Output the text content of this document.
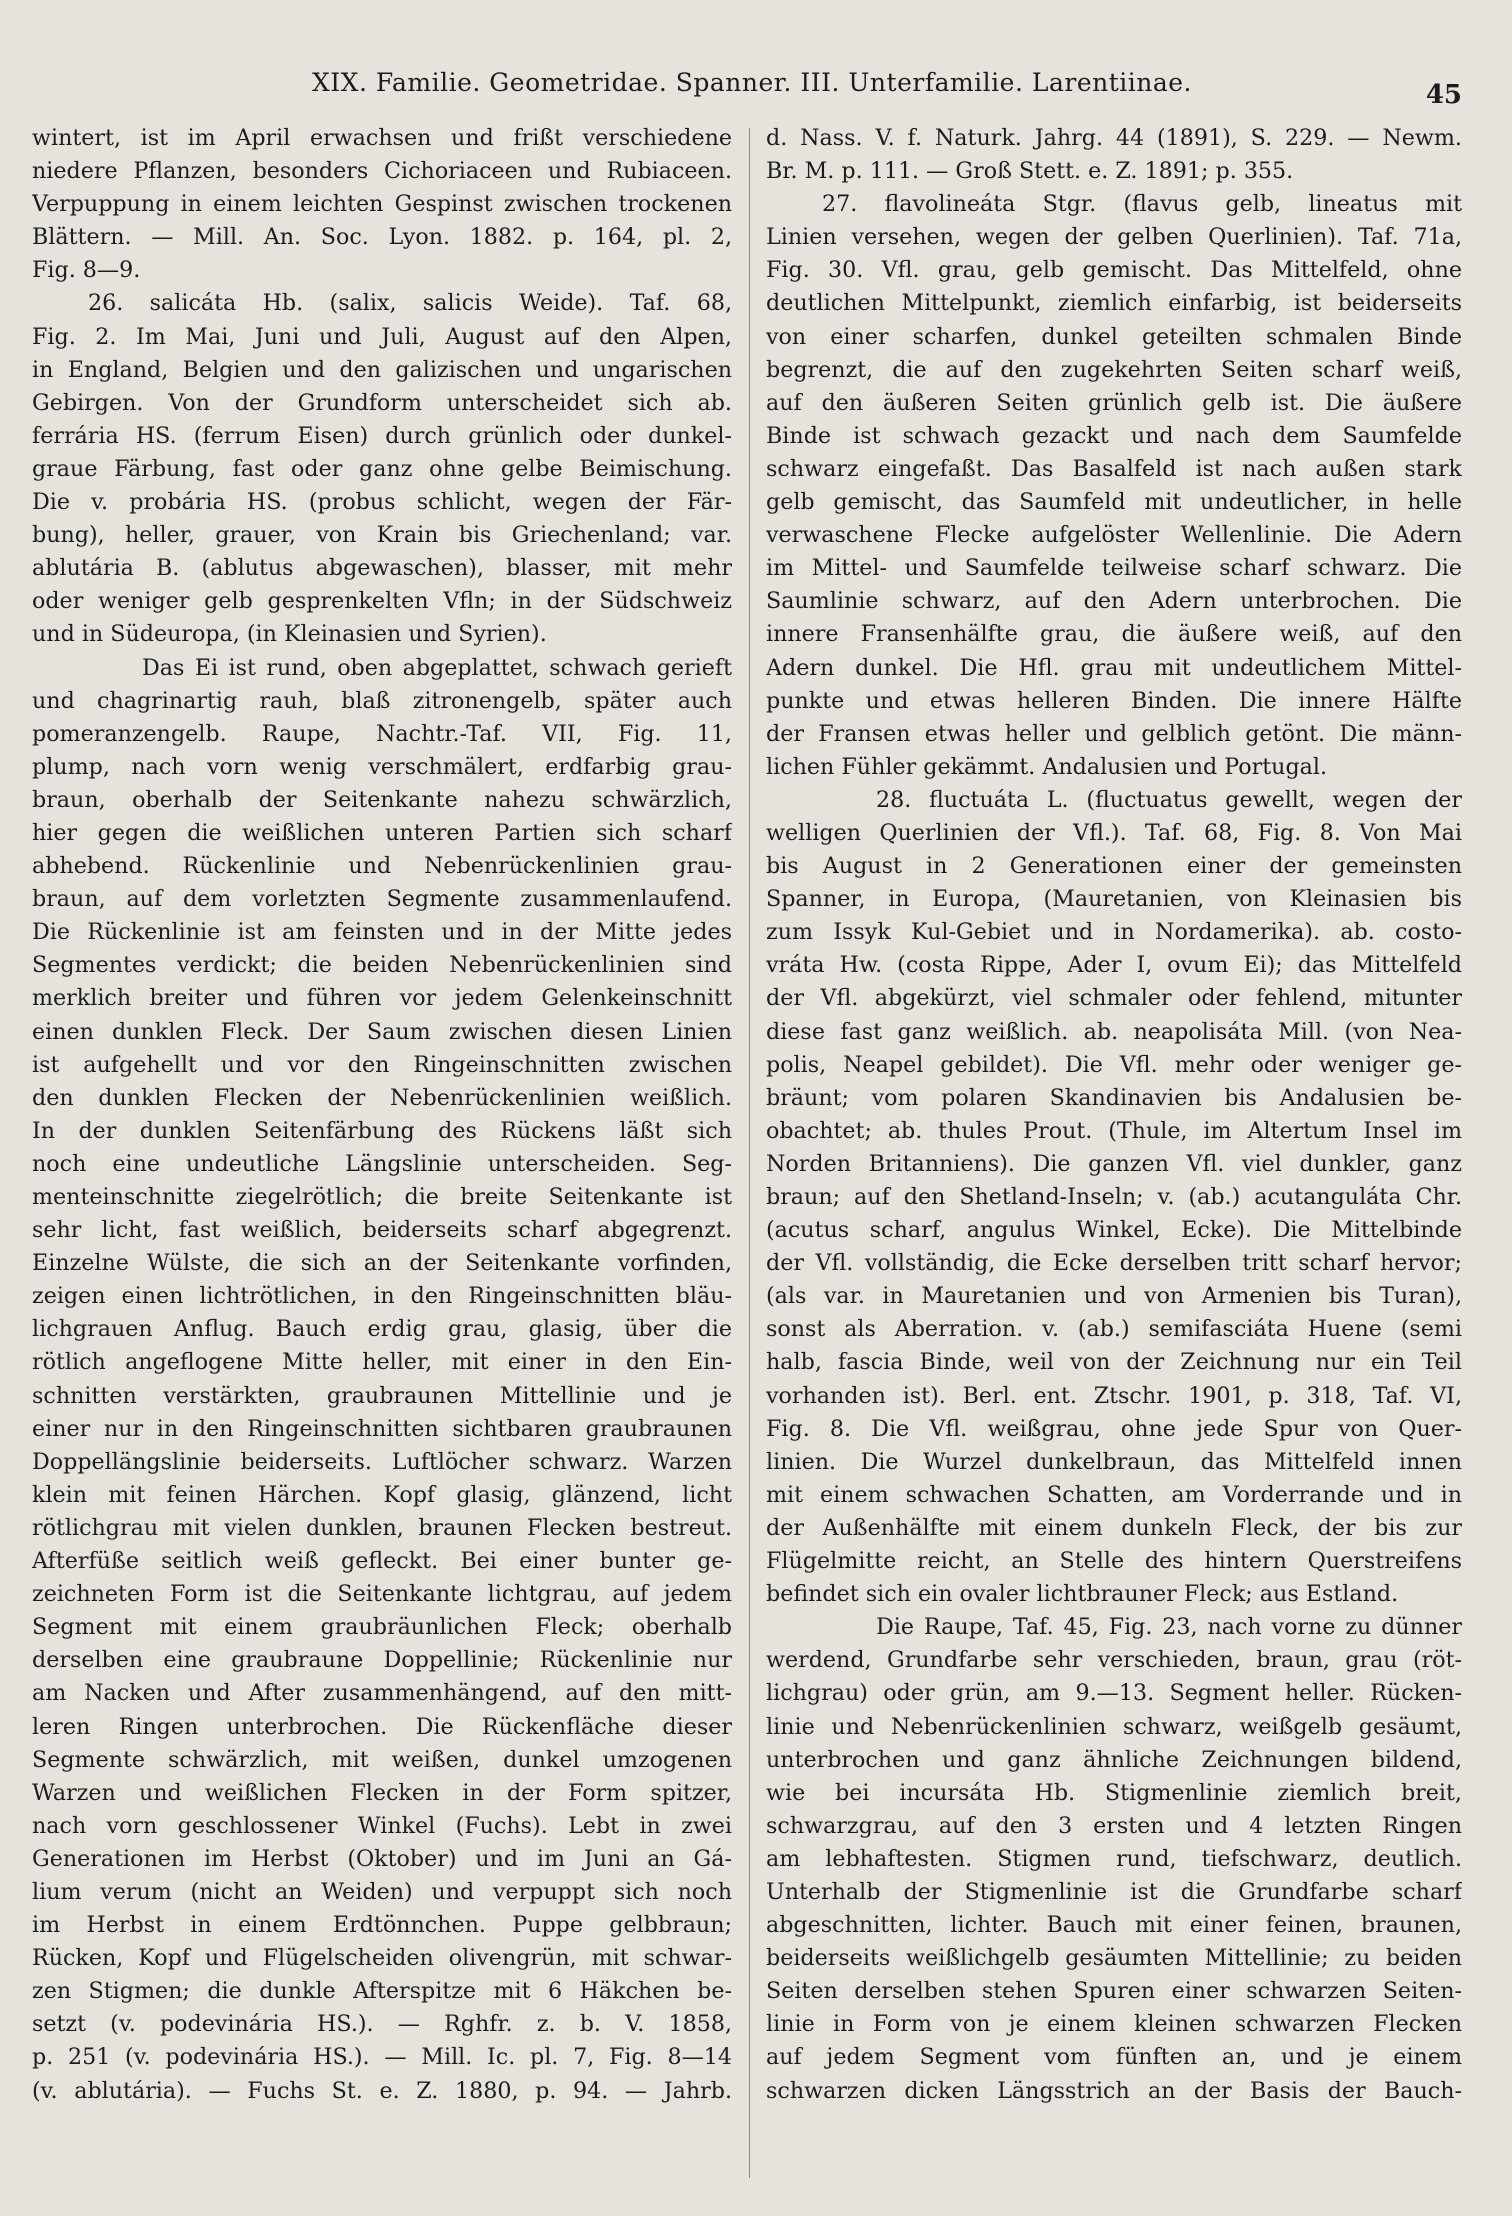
XIX. Familie. Geometridae. Spanner. III. Unterfamilie. Larentiinae.	45
wintert, ist im April erwachsen und frißt verschiedene
niedere Pflanzen, besonders Cichoriaceen und Rubiaceen.
Verpuppung in einem leichten Gespinst zwischen trockenen
Blättern. — Mill. An. Soc. Lyon. 1882. p. 164, pl. 2,
Fig. 8—9.
26. salicáta Hb. (salix, salicis Weide). Taf. 68,
Fig. 2. Im Mai, Juni und Juli, August auf den Alpen,
in England, Belgien und den galizischen und ungarischen
Gebirgen. Von der Grundform unterscheidet sich ab.
ferrária HS. (ferrum Eisen) durch grünlich oder dunkel-
graue Färbung, fast oder ganz ohne gelbe Beimischung.
Die v. probária HS. (probus schlicht, wegen der Fär-
bung), heller, grauer, von Krain bis Griechenland; var.
ablutária B. (ablutus abgewaschen), blasser, mit mehr
oder weniger gelb gesprenkelten Vfln; in der Südschweiz
und in Südeuropa, (in Kleinasien und Syrien).
Das Ei ist rund, oben abgeplattet, schwach gerieft
und chagrinartig rauh, blaß zitronengelb, später auch
pomeranzengelb. Raupe, Nachtr.-Taf. VII, Fig. 11,
plump, nach vorn wenig verschmälert, erdfarbig grau-
braun, oberhalb der Seitenkante nahezu schwärzlich,
hier gegen die weißlichen unteren Partien sich scharf
abhebend. Rückenlinie und Nebenrückenlinien grau-
braun, auf dem vorletzten Segmente zusammenlaufend.
Die Rückenlinie ist am feinsten und in der Mitte jedes
Segmentes verdickt; die beiden Nebenrückenlinien sind
merklich breiter und führen vor jedem Gelenkeinschnitt
einen dunklen Fleck. Der Saum zwischen diesen Linien
ist aufgehellt und vor den Ringeinschnitten zwischen
den dunklen Flecken der Nebenrückenlinien weißlich.
In der dunklen Seitenfärbung des Rückens läßt sich
noch eine undeutliche Längslinie unterscheiden. Seg-
menteinschnitte ziegelrötlich; die breite Seitenkante ist
sehr licht, fast weißlich, beiderseits scharf abgegrenzt.
Einzelne Wülste, die sich an der Seitenkante vorfinden,
zeigen einen lichtrötlichen, in den Ringeinschnitten bläu-
lichgrauen Anflug. Bauch erdig grau, glasig, über die
rötlich angeflogene Mitte heller, mit einer in den Ein-
schnitten verstärkten, graubraunen Mittellinie und je
einer nur in den Ringeinschnitten sichtbaren graubraunen
Doppellängslinie beiderseits. Luftlöcher schwarz. Warzen
klein mit feinen Härchen. Kopf glasig, glänzend, licht
rötlichgrau mit vielen dunklen, braunen Flecken bestreut.
Afterfüße seitlich weiß gefleckt. Bei einer bunter ge-
zeichneten Form ist die Seitenkante lichtgrau, auf jedem
Segment mit einem graubräunlichen Fleck; oberhalb
derselben eine graubraune Doppellinie; Rückenlinie nur
am Nacken und After zusammenhängend, auf den mitt-
leren Ringen unterbrochen. Die Rückenfläche dieser
Segmente schwärzlich, mit weißen, dunkel umzogenen
Warzen und weißlichen Flecken in der Form spitzer,
nach vorn geschlossener Winkel (Fuchs). Lebt in zwei
Generationen im Herbst (Oktober) und im Juni an Gá-
lium verum (nicht an Weiden) und verpuppt sich noch
im Herbst in einem Erdtönnchen. Puppe gelbbraun;
Rücken, Kopf und Flügelscheiden olivengrün, mit schwar-
zen Stigmen; die dunkle Afterspitze mit 6 Häkchen be-
setzt (v. podevinária HS.). — Rghfr. z. b. V. 1858,
p. 251 (v. podevinária HS.). — Mill. Ic. pl. 7, Fig. 8—14
(v. ablutária). — Fuchs St. e. Z. 1880, p. 94. — Jahrb.
d. Nass. V. f. Naturk. Jahrg. 44 (1891), S. 229. — Newm.
Br. M. p. 111. — Groß Stett. e. Z. 1891; p. 355.
27. flavolineáta Stgr. (flavus gelb, lineatus mit
Linien versehen, wegen der gelben Querlinien). Taf. 71a,
Fig. 30. Vfl. grau, gelb gemischt. Das Mittelfeld, ohne
deutlichen Mittelpunkt, ziemlich einfarbig, ist beiderseits
von einer scharfen, dunkel geteilten schmalen Binde
begrenzt, die auf den zugekehrten Seiten scharf weiß,
auf den äußeren Seiten grünlich gelb ist. Die äußere
Binde ist schwach gezackt und nach dem Saumfelde
schwarz eingefaßt. Das Basalfeld ist nach außen stark
gelb gemischt, das Saumfeld mit undeutlicher, in helle
verwaschene Flecke aufgelöster Wellenlinie. Die Adern
im Mittel- und Saumfelde teilweise scharf schwarz. Die
Saumlinie schwarz, auf den Adern unterbrochen. Die
innere Fransenhälfte grau, die äußere weiß, auf den
Adern dunkel. Die Hfl. grau mit undeutlichem Mittel-
punkte und etwas helleren Binden. Die innere Hälfte
der Fransen etwas heller und gelblich getönt. Die männ-
lichen Fühler gekämmt. Andalusien und Portugal.
28. fluctuáta L. (fluctuatus gewellt, wegen der
welligen Querlinien der Vfl.). Taf. 68, Fig. 8. Von Mai
bis August in 2 Generationen einer der gemeinsten
Spanner, in Europa, (Mauretanien, von Kleinasien bis
zum Issyk Kul-Gebiet und in Nordamerika). ab. costo-
vráta Hw. (costa Rippe, Ader I, ovum Ei); das Mittelfeld
der Vfl. abgekürzt, viel schmaler oder fehlend, mitunter
diese fast ganz weißlich. ab. neapolisáta Mill. (von Nea-
polis, Neapel gebildet). Die Vfl. mehr oder weniger ge-
bräunt; vom polaren Skandinavien bis Andalusien be-
obachtet; ab. thules Prout. (Thule, im Altertum Insel im
Norden Britanniens). Die ganzen Vfl. viel dunkler, ganz
braun; auf den Shetland-Inseln; v. (ab.) acutanguláta Chr.
(acutus scharf, angulus Winkel, Ecke). Die Mittelbinde
der Vfl. vollständig, die Ecke derselben tritt scharf hervor;
(als var. in Mauretanien und von Armenien bis Turan),
sonst als Aberration. v. (ab.) semifasciáta Huene (semi
halb, fascia Binde, weil von der Zeichnung nur ein Teil
vorhanden ist). Berl. ent. Ztschr. 1901, p. 318, Taf. VI,
Fig. 8. Die Vfl. weißgrau, ohne jede Spur von Quer-
linien. Die Wurzel dunkelbraun, das Mittelfeld innen
mit einem schwachen Schatten, am Vorderrande und in
der Außenhälfte mit einem dunkeln Fleck, der bis zur
Flügelmitte reicht, an Stelle des hintern Querstreifens
befindet sich ein ovaler lichtbrauner Fleck; aus Estland.
Die Raupe, Taf. 45, Fig. 23, nach vorne zu dünner
werdend, Grundfarbe sehr verschieden, braun, grau (röt-
lichgrau) oder grün, am 9.—13. Segment heller. Rücken-
linie und Nebenrückenlinien schwarz, weißgelb gesäumt,
unterbrochen und ganz ähnliche Zeichnungen bildend,
wie bei incursáta Hb. Stigmenlinie ziemlich breit,
schwarzgrau, auf den 3 ersten und 4 letzten Ringen
am lebhaftesten. Stigmen rund, tiefschwarz, deutlich.
Unterhalb der Stigmenlinie ist die Grundfarbe scharf
abgeschnitten, lichter. Bauch mit einer feinen, braunen,
beiderseits weißlichgelb gesäumten Mittellinie; zu beiden
Seiten derselben stehen Spuren einer schwarzen Seiten-
linie in Form von je einem kleinen schwarzen Flecken
auf jedem Segment vom fünften an, und je einem
schwarzen dicken Längsstrich an der Basis der Bauch-
